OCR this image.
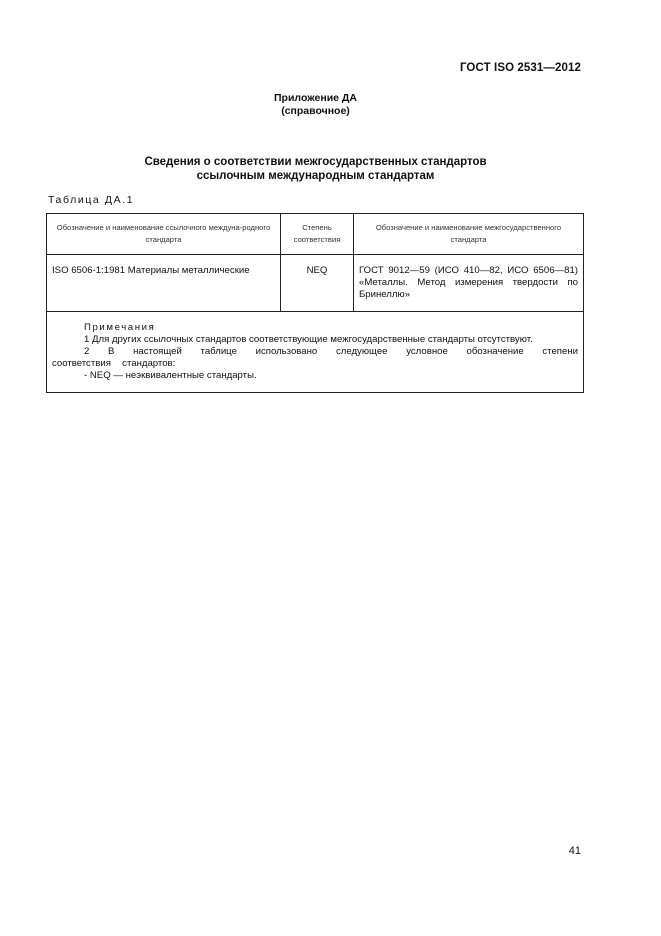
ГОСТ ISO 2531—2012
Приложение ДА
(справочное)
Сведения о соответствии межгосударственных стандартов
ссылочным международным стандартам
Таблица ДА.1
Обозначение и наименование ссылочного междуна-родного стандарта	Степень соответствия	Обозначение и наименование межгосударственного стандарта
ISO 6506-1:1981 Материалы металлические	NEQ	ГОСТ 9012—59 (ИСО 410—82, ИСО 6506—81) «Металлы. Метод измерения твердости по Бринеллю»

Примечания
1 Для других ссылочных стандартов соответствующие межгосударственные стандарты отсутствуют.
2 В настоящей таблице использовано следующее условное обозначение степени соответствия стандартов:
- NEQ — неэквивалентные стандарты.		
41
